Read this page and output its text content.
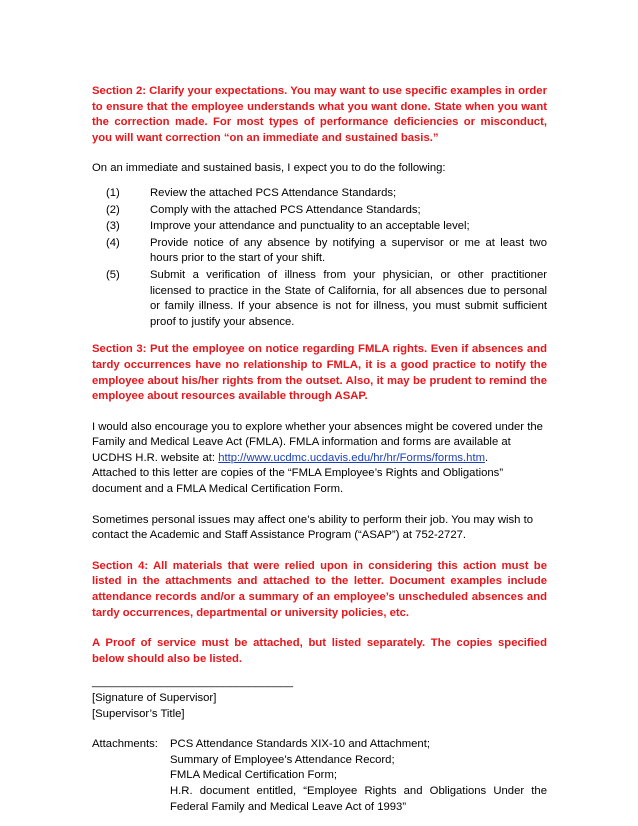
Section 2: Clarify your expectations. You may want to use specific examples in order to ensure that the employee understands what you want done. State when you want the correction made. For most types of performance deficiencies or misconduct, you will want correction “on an immediate and sustained basis.”

On an immediate and sustained basis, I expect you to do the following:

(1)	Review the attached PCS Attendance Standards;
(2)	Comply with the attached PCS Attendance Standards;
(3)	Improve your attendance and punctuality to an acceptable level;
(4)	Provide notice of any absence by notifying a supervisor or me at least two hours prior to the start of your shift.
(5)	Submit a verification of illness from your physician, or other practitioner licensed to practice in the State of California, for all absences due to personal or family illness. If your absence is not for illness, you must submit sufficient proof to justify your absence.

Section 3: Put the employee on notice regarding FMLA rights. Even if absences and tardy occurrences have no relationship to FMLA, it is a good practice to notify the employee about his/her rights from the outset. Also, it may be prudent to remind the employee about resources available through ASAP.

I would also encourage you to explore whether your absences might be covered under the Family and Medical Leave Act (FMLA). FMLA information and forms are available at UCDHS H.R. website at: http://www.ucdmc.ucdavis.edu/hr/hr/Forms/forms.htm.
Attached to this letter are copies of the “FMLA Employee’s Rights and Obligations” document and a FMLA Medical Certification Form.

Sometimes personal issues may affect one’s ability to perform their job. You may wish to contact the Academic and Staff Assistance Program (“ASAP”) at 752-2727.

Section 4: All materials that were relied upon in considering this action must be listed in the attachments and attached to the letter. Document examples include attendance records and/or a summary of an employee’s unscheduled absences and tardy occurrences, departmental or university policies, etc.

A Proof of service must be attached, but listed separately. The copies specified below should also be listed.

________________________________
[Signature of Supervisor]
[Supervisor’s Title]
Attachments:	PCS Attendance Standards XIX-10 and Attachment;
Summary of Employee’s Attendance Record;
FMLA Medical Certification Form;
H.R. document entitled, “Employee Rights and Obligations Under the Federal Family and Medical Leave Act of 1993”
